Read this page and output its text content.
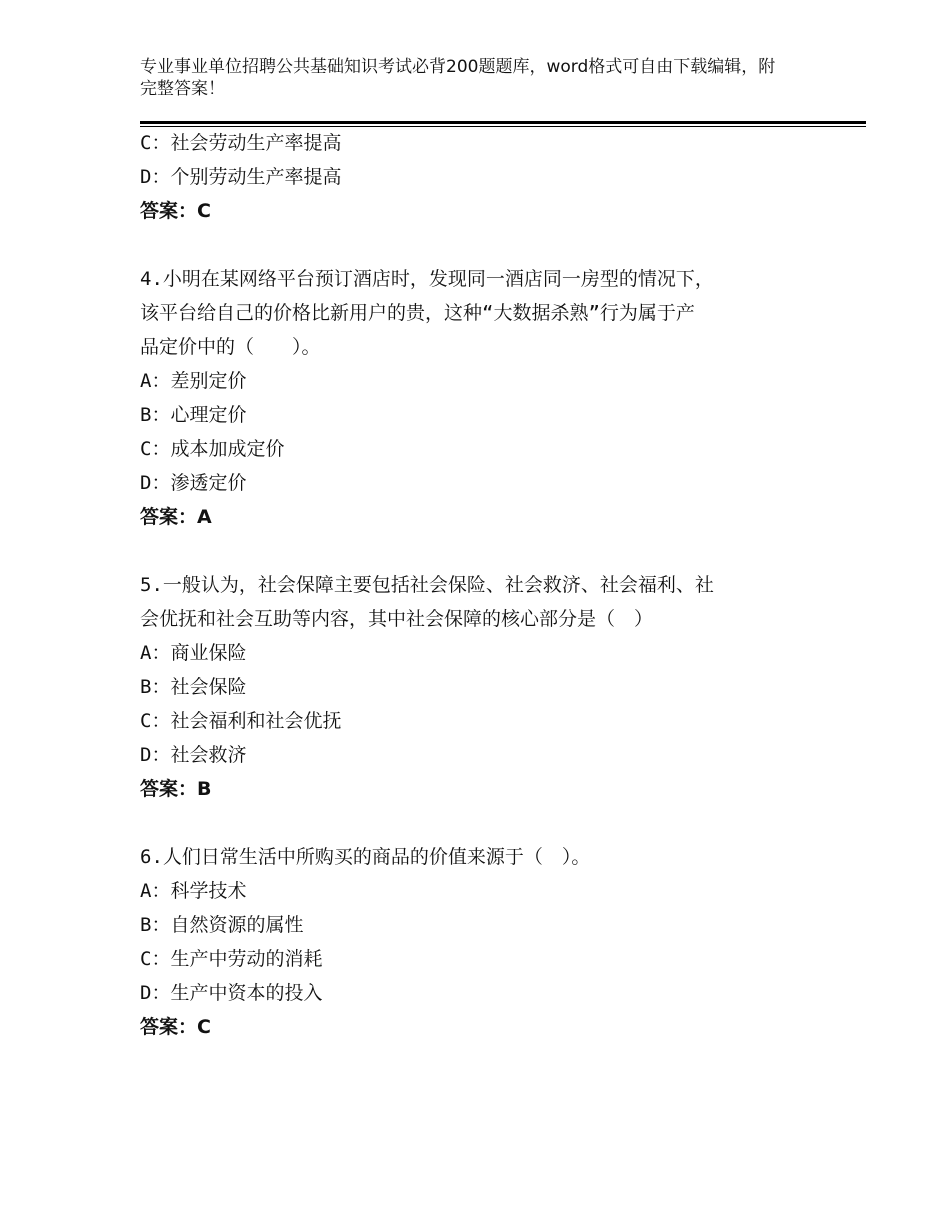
专业事业单位招聘公共基础知识考试必背200题题库，word格式可自由下载编辑，附完整答案！
C：社会劳动生产率提高
D：个别劳动生产率提高
答案：C
4.小明在某网络平台预订酒店时，发现同一酒店同一房型的情况下，
该平台给自己的价格比新用户的贵，这种“大数据杀熟”行为属于产
品定价中的（　　）。
A：差别定价
B：心理定价
C：成本加成定价
D：渗透定价
答案：A
5.一般认为，社会保障主要包括社会保险、社会救济、社会福利、社
会优抚和社会互助等内容，其中社会保障的核心部分是（　）
A：商业保险
B：社会保险
C：社会福利和社会优抚
D：社会救济
答案：B
6.人们日常生活中所购买的商品的价值来源于（　）。
A：科学技术
B：自然资源的属性
C：生产中劳动的消耗
D：生产中资本的投入
答案：C
